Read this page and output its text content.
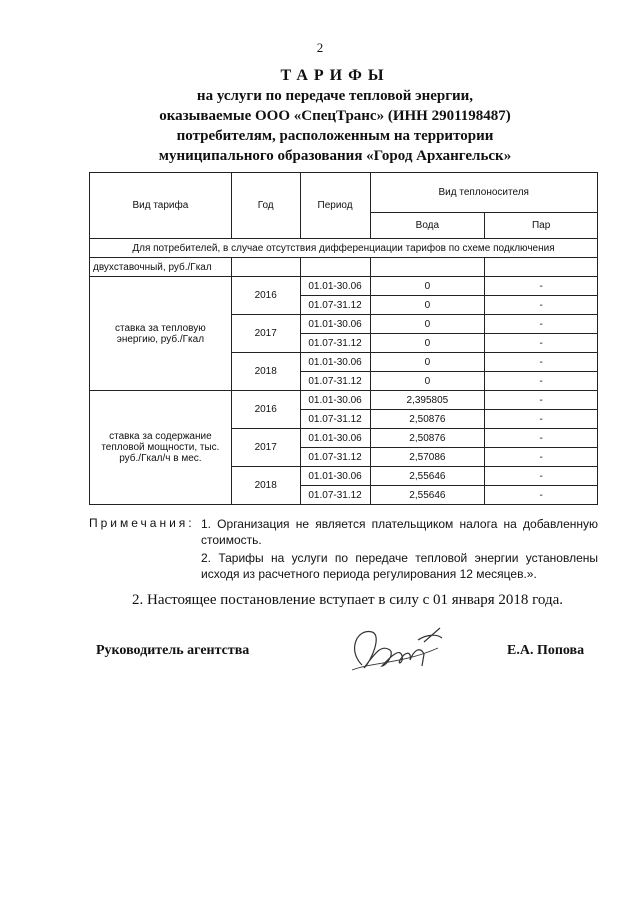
2
ТАРИФЫ
на услуги по передаче тепловой энергии,
оказываемые ООО «СпецТранс» (ИНН 2901198487)
потребителям, расположенным на территории
муниципального образования «Город Архангельск»
Вид тарифа	Год	Период	Вид теплоносителя	
			Вода	Пар
Для потребителей, в случае отсутствия дифференциации тарифов по схеме подключения				
двухставочный, руб./Гкал				
ставка за тепловую энергию, руб./Гкал	2016	01.01-30.06	0	-
		01.07-31.12	0	-
	2017	01.01-30.06	0	-
		01.07-31.12	0	-
	2018	01.01-30.06	0	-
		01.07-31.12	0	-
ставка за содержание тепловой мощности, тыс. руб./Гкал/ч в мес.	2016	01.01-30.06	2,395805	-
		01.07-31.12	2,50876	-
	2017	01.01-30.06	2,50876	-
		01.07-31.12	2,57086	-
	2018	01.01-30.06	2,55646	-
		01.07-31.12	2,55646	-
Примечания: 1. Организация не является плательщиком налога на добавленную стоимость.
2. Тарифы на услуги по передаче тепловой энергии установлены исходя из расчетного периода регулирования 12 месяцев.».
2. Настоящее постановление вступает в силу с 01 января 2018 года.
Руководитель агентства	Е.А. Попова
